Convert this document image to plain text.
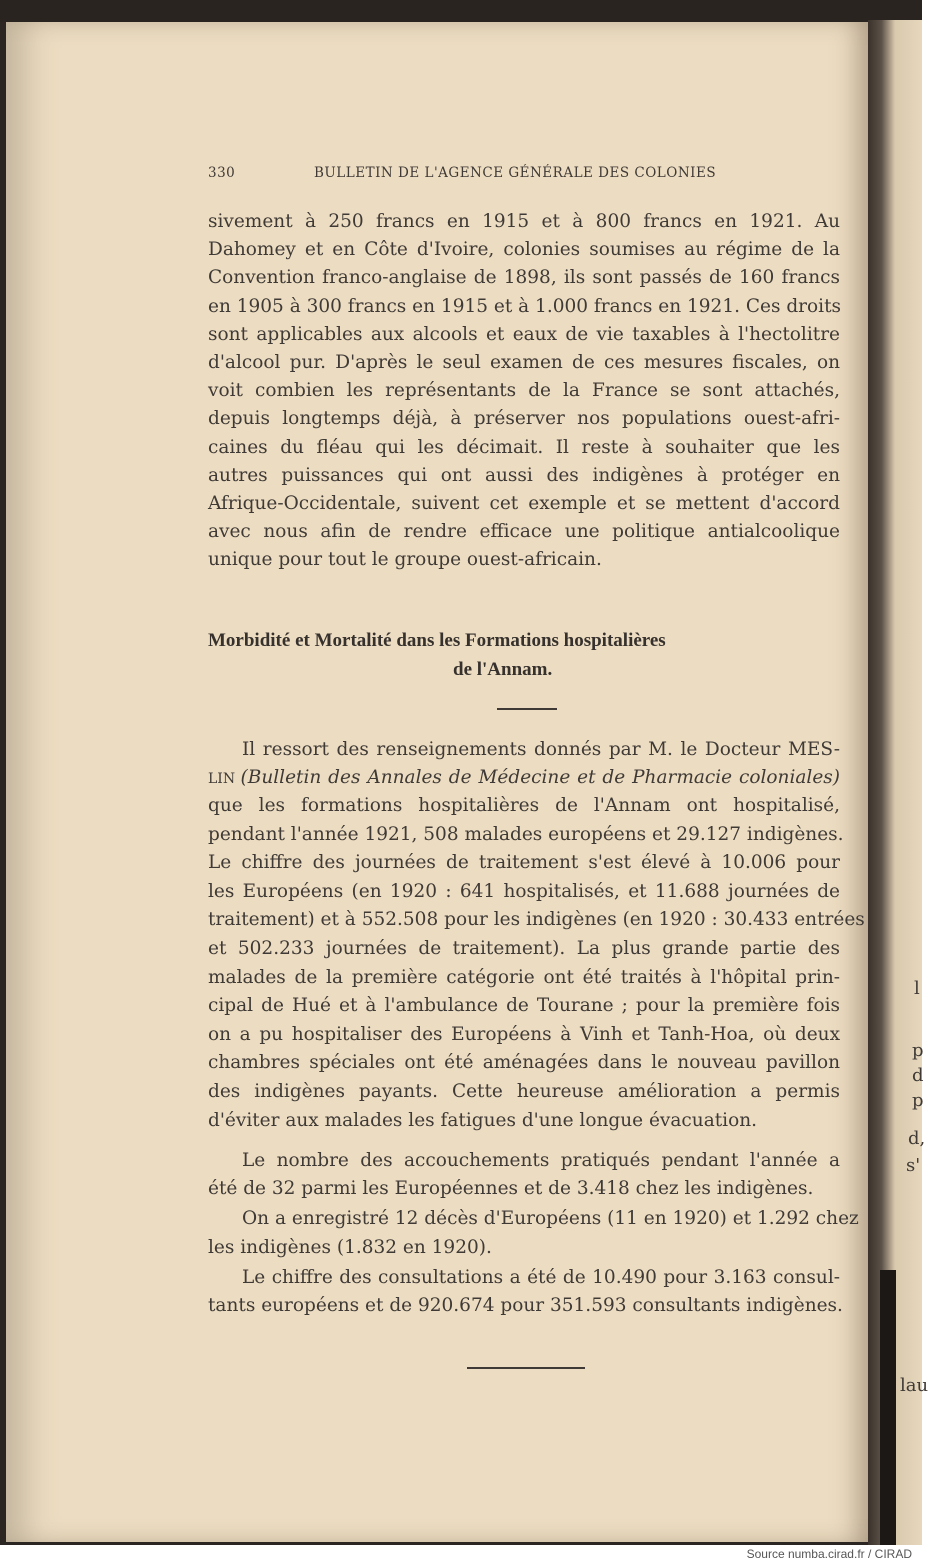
330	BULLETIN DE L'AGENCE GÉNÉRALE DES COLONIES
Morbidité et Mortalité dans les Formations hospitalières
de l'Annam.
Il ressort des renseignements donnés par M. le Docteur MES-
LIN (Bulletin des Annales de Médecine et de Pharmacie coloniales)
Le nombre des accouchements pratiqués pendant l'année a
été de 32 parmi les Européennes et de 3.418 chez les indigènes.
On a enregistré 12 décès d'Européens (11 en 1920) et 1.292 chez
les indigènes (1.832 en 1920).
Le chiffre des consultations a été de 10.490 pour 3.163 consul-
tants européens et de 920.674 pour 351.593 consultants indigènes.
l
p
d
p
d,
s'
lau
Source numba.cirad.fr / CIRAD
sivement à 250 francs en 1915 et à 800 francs en 1921. Au
Dahomey et en Côte d'Ivoire, colonies soumises au régime de la
Convention franco-anglaise de 1898, ils sont passés de 160 francs
en 1905 à 300 francs en 1915 et à 1.000 francs en 1921. Ces droits
sont applicables aux alcools et eaux de vie taxables à l'hectolitre
d'alcool pur. D'après le seul examen de ces mesures fiscales, on
voit combien les représentants de la France se sont attachés,
depuis longtemps déjà, à préserver nos populations ouest-afri-
caines du fléau qui les décimait. Il reste à souhaiter que les
autres puissances qui ont aussi des indigènes à protéger en
Afrique-Occidentale, suivent cet exemple et se mettent d'accord
avec nous afin de rendre efficace une politique antialcoolique
unique pour tout le groupe ouest-africain.
que les formations hospitalières de l'Annam ont hospitalisé,
pendant l'année 1921, 508 malades européens et 29.127 indigènes.
Le chiffre des journées de traitement s'est élevé à 10.006 pour
les Européens (en 1920 : 641 hospitalisés, et 11.688 journées de
traitement) et à 552.508 pour les indigènes (en 1920 : 30.433 entrées
et 502.233 journées de traitement). La plus grande partie des
malades de la première catégorie ont été traités à l'hôpital prin-
cipal de Hué et à l'ambulance de Tourane ; pour la première fois
on a pu hospitaliser des Européens à Vinh et Tanh-Hoa, où deux
chambres spéciales ont été aménagées dans le nouveau pavillon
des indigènes payants. Cette heureuse amélioration a permis
d'éviter aux malades les fatigues d'une longue évacuation.
